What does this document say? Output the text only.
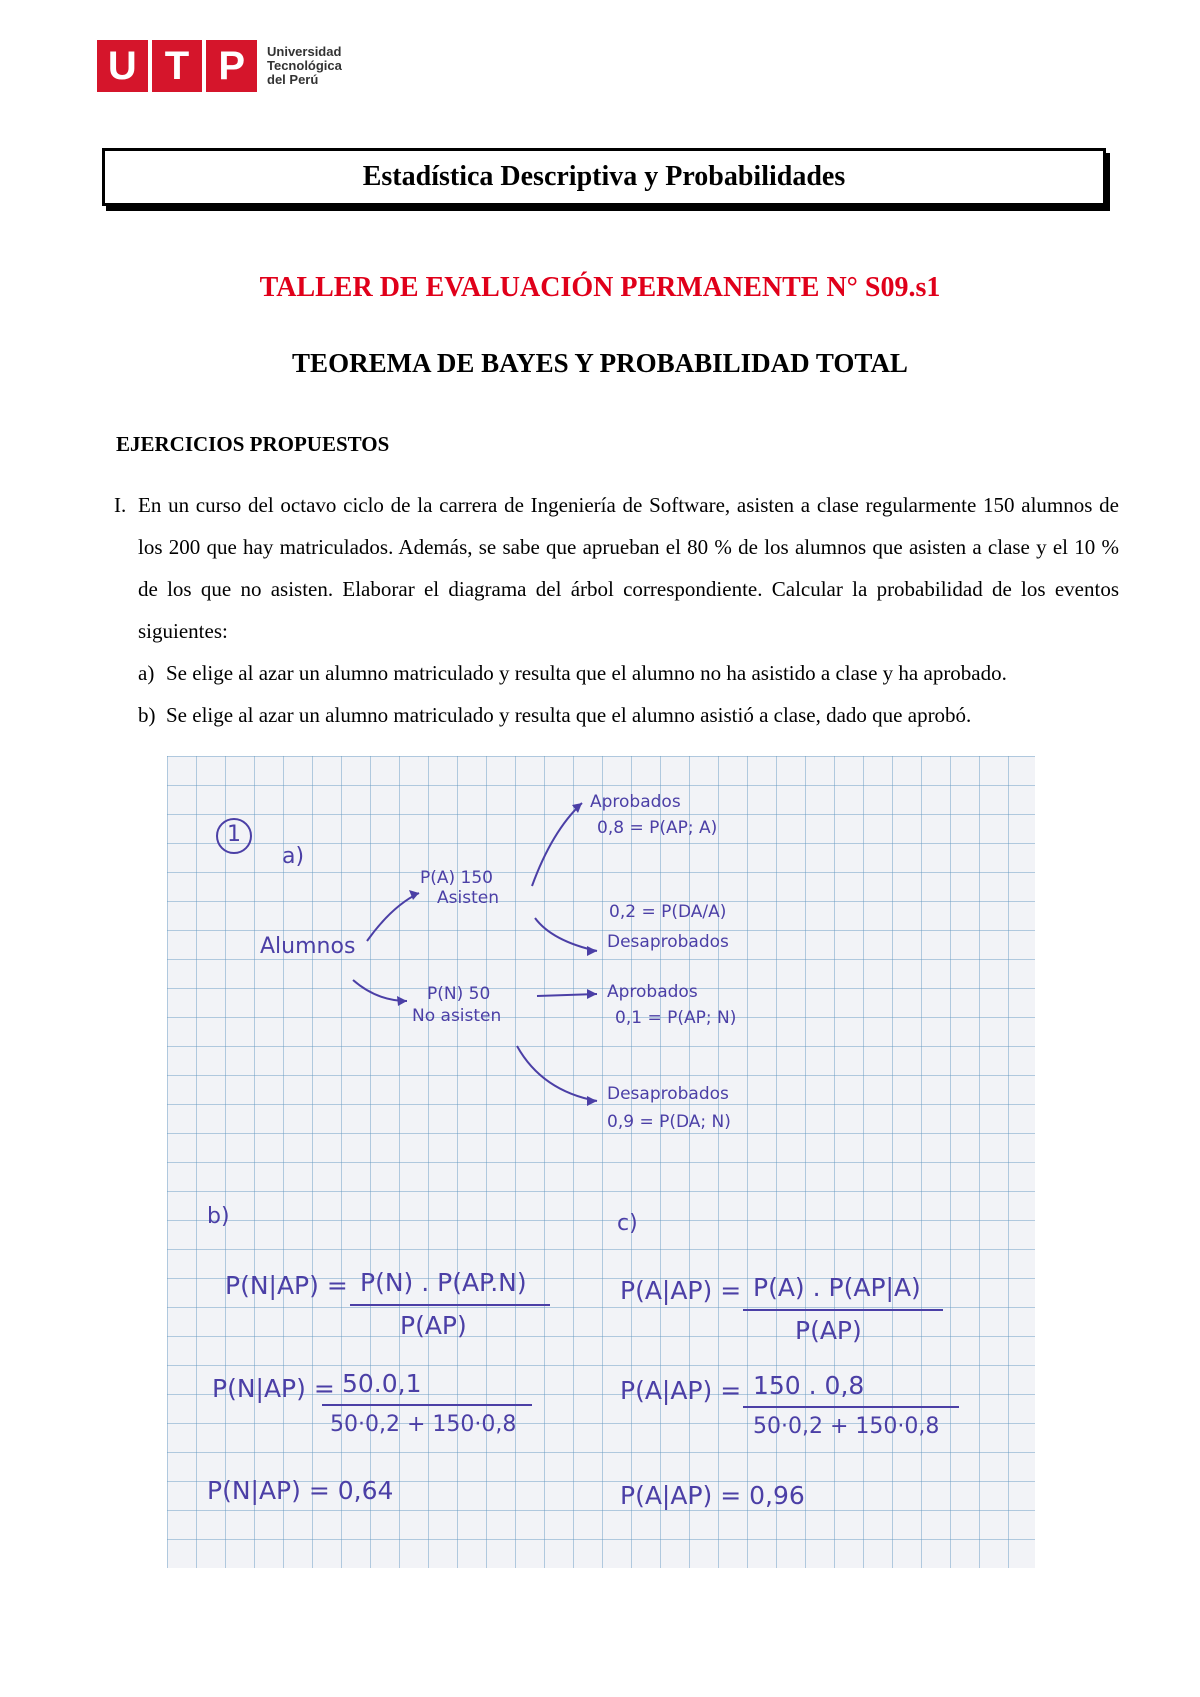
U T P	Universidad
Tecnológica
del Perú
Estadística Descriptiva y Probabilidades
TALLER DE EVALUACIÓN PERMANENTE N° S09.s1
TEOREMA DE BAYES Y PROBABILIDAD TOTAL
EJERCICIOS PROPUESTOS
I. En un curso del octavo ciclo de la carrera de Ingeniería de Software, asisten a clase regularmente 150 alumnos de los 200 que hay matriculados. Además, se sabe que aprueban el 80 % de los alumnos que asisten a clase y el 10 % de los que no asisten. Elaborar el diagrama del árbol correspondiente. Calcular la probabilidad de los eventos siguientes:
a) Se elige al azar un alumno matriculado y resulta que el alumno no ha asistido a clase y ha aprobado.
b) Se elige al azar un alumno matriculado y resulta que el alumno asistió a clase, dado que aprobó.
1
a)
Alumnos
P(A) 150
Asisten
P(N) 50
No asisten
Aprobados
0,8 = P(AP; A)
0,2 = P(DA/A)
Desaprobados
Aprobados
0,1 = P(AP; N)
Desaprobados
0,9 = P(DA; N)
b)	c)
P(N|AP) = P(N) . P(AP.N)
P(AP)
P(N|AP) = 50.0,1
50·0,2 + 150·0,8
P(N|AP) = 0,64
P(A|AP) = P(A) . P(AP|A)
P(AP)
P(A|AP) = 150 . 0,8
50·0,2 + 150·0,8
P(A|AP) = 0,96
